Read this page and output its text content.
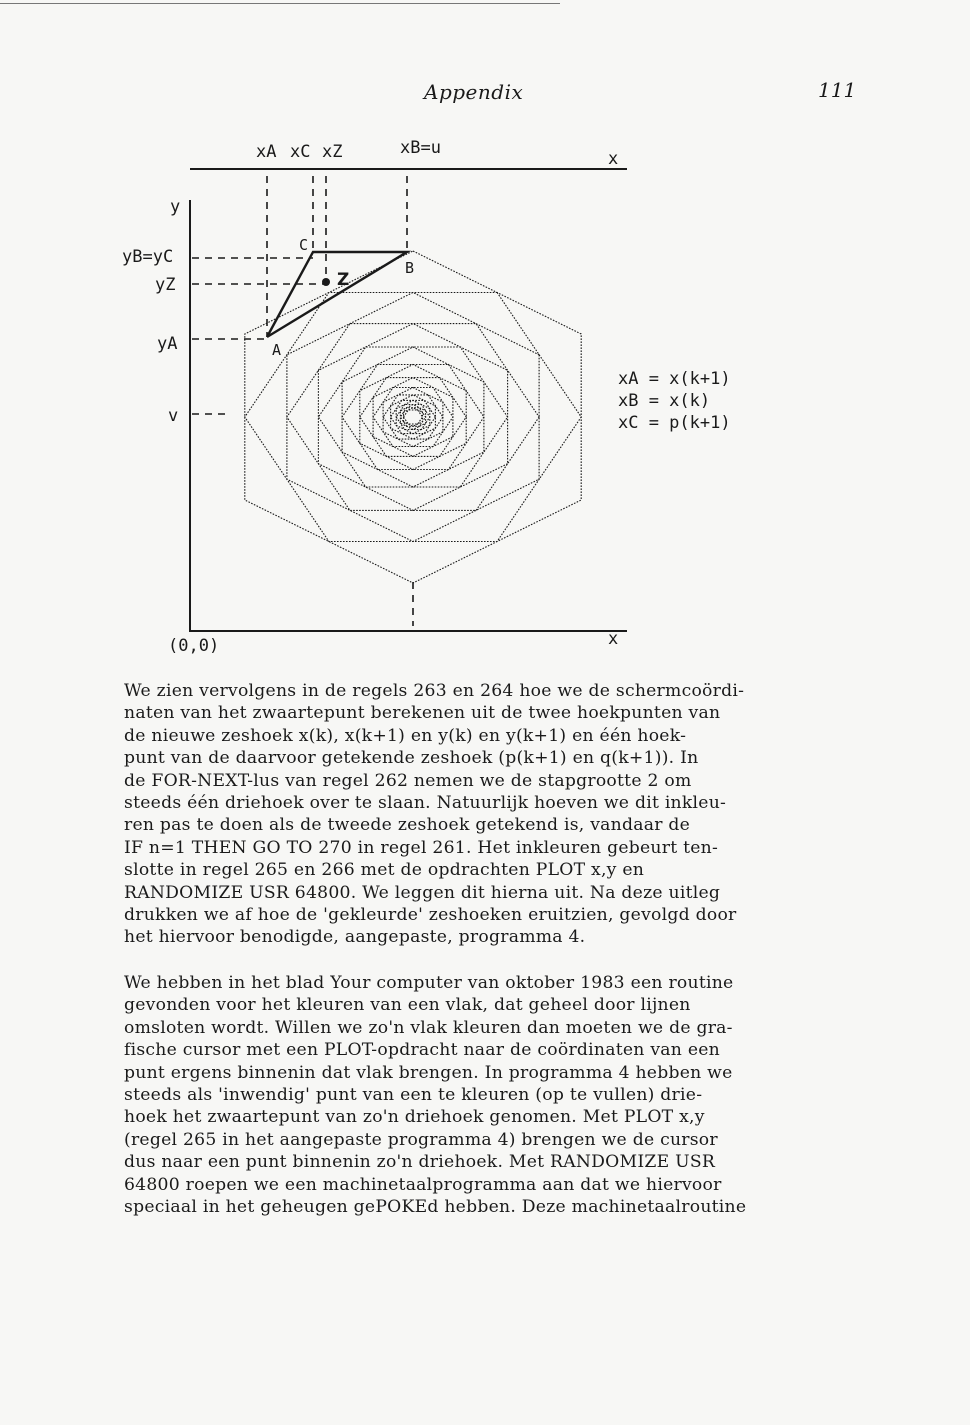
Appendix	111
xA xC xZ	xB=u
x
y
yB=yC
yZ
yA
v
(0,0)	x
A
B
C
Z
xA = x(k+1)
xB = x(k)
xC = p(k+1)
We zien vervolgens in de regels 263 en 264 hoe we de schermcoördi-
naten van het zwaartepunt berekenen uit de twee hoekpunten van
de nieuwe zeshoek x(k), x(k+1) en y(k) en y(k+1) en één hoek-
punt van de daarvoor getekende zeshoek (p(k+1) en q(k+1)). In
de FOR-NEXT-lus van regel 262 nemen we de stapgrootte 2 om
steeds één driehoek over te slaan. Natuurlijk hoeven we dit inkleu-
ren pas te doen als de tweede zeshoek getekend is, vandaar de
IF n=1 THEN GO TO 270 in regel 261. Het inkleuren gebeurt ten-
slotte in regel 265 en 266 met de opdrachten PLOT x,y en
RANDOMIZE USR 64800. We leggen dit hierna uit. Na deze uitleg
drukken we af hoe de 'gekleurde' zeshoeken eruitzien, gevolgd door
het hiervoor benodigde, aangepaste, programma 4.
We hebben in het blad Your computer van oktober 1983 een routine
gevonden voor het kleuren van een vlak, dat geheel door lijnen
omsloten wordt. Willen we zo'n vlak kleuren dan moeten we de gra-
fische cursor met een PLOT-opdracht naar de coördinaten van een
punt ergens binnenin dat vlak brengen. In programma 4 hebben we
steeds als 'inwendig' punt van een te kleuren (op te vullen) drie-
hoek het zwaartepunt van zo'n driehoek genomen. Met PLOT x,y
(regel 265 in het aangepaste programma 4) brengen we de cursor
dus naar een punt binnenin zo'n driehoek. Met RANDOMIZE USR
64800 roepen we een machinetaalprogramma aan dat we hiervoor
speciaal in het geheugen gePOKEd hebben. Deze machinetaalroutine
